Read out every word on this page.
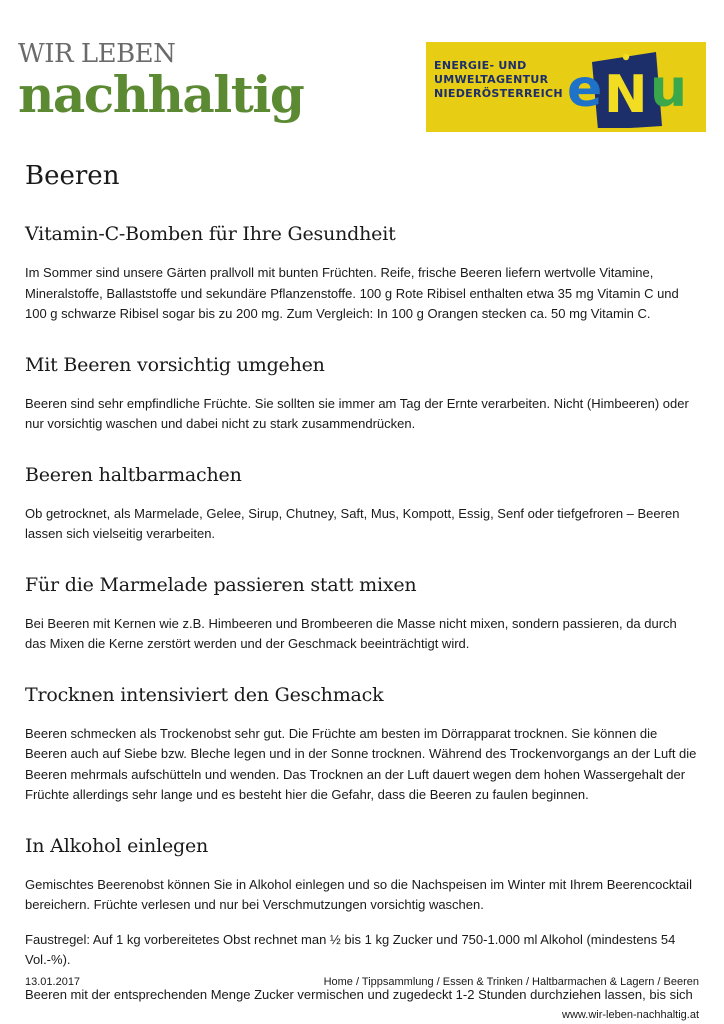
WIR LEBEN
nachhaltig	ENERGIE- UND
UMWELTAGENTUR
NIEDERÖSTERREICH e N u
Beeren
Vitamin-C-Bomben für Ihre Gesundheit

Im Sommer sind unsere Gärten prallvoll mit bunten Früchten. Reife, frische Beeren liefern wertvolle Vitamine, Mineralstoffe, Ballaststoffe und sekundäre Pflanzenstoffe. 100 g Rote Ribisel enthalten etwa 35 mg Vitamin C und 100 g schwarze Ribisel sogar bis zu 200 mg. Zum Vergleich: In 100 g Orangen stecken ca. 50 mg Vitamin C.

Mit Beeren vorsichtig umgehen

Beeren sind sehr empfindliche Früchte. Sie sollten sie immer am Tag der Ernte verarbeiten. Nicht (Himbeeren) oder nur vorsichtig waschen und dabei nicht zu stark zusammendrücken.

Beeren haltbarmachen

Ob getrocknet, als Marmelade, Gelee, Sirup, Chutney, Saft, Mus, Kompott, Essig, Senf oder tiefgefroren – Beeren lassen sich vielseitig verarbeiten.

Für die Marmelade passieren statt mixen

Bei Beeren mit Kernen wie z.B. Himbeeren und Brombeeren die Masse nicht mixen, sondern passieren, da durch das Mixen die Kerne zerstört werden und der Geschmack beeinträchtigt wird.

Trocknen intensiviert den Geschmack

Beeren schmecken als Trockenobst sehr gut. Die Früchte am besten im Dörrapparat trocknen. Sie können die Beeren auch auf Siebe bzw. Bleche legen und in der Sonne trocknen. Während des Trockenvorgangs an der Luft die Beeren mehrmals aufschütteln und wenden. Das Trocknen an der Luft dauert wegen dem hohen Wassergehalt der Früchte allerdings sehr lange und es besteht hier die Gefahr, dass die Beeren zu faulen beginnen.

In Alkohol einlegen

Gemischtes Beerenobst können Sie in Alkohol einlegen und so die Nachspeisen im Winter mit Ihrem Beerencocktail bereichern. Früchte verlesen und nur bei Verschmutzungen vorsichtig waschen.

Faustregel: Auf 1 kg vorbereitetes Obst rechnet man ½ bis 1 kg Zucker und 750-1.000 ml Alkohol (mindestens 54 Vol.-%).

Beeren mit der entsprechenden Menge Zucker vermischen und zugedeckt 1-2 Stunden durchziehen lassen, bis sich

13.01.2017	Home / Tippsammlung / Essen & Trinken / Haltbarmachen & Lagern / Beeren
www.wir-leben-nachhaltig.at
